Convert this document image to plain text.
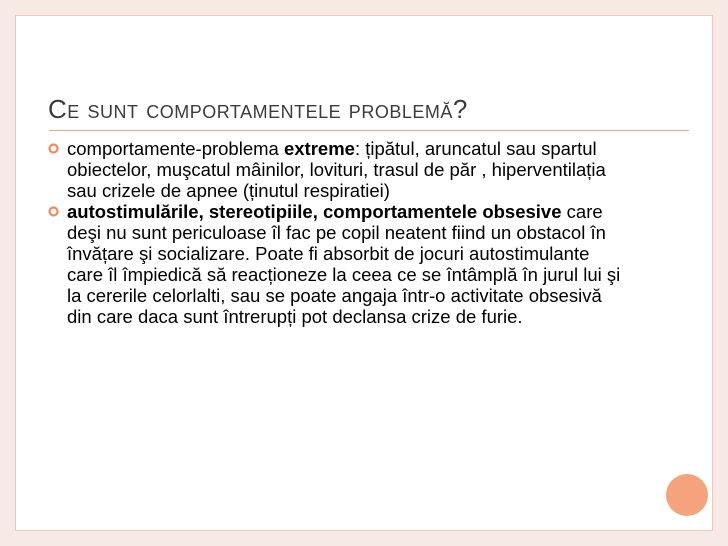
Ce sunt comportamentele problemă?
comportamente-problema extreme: țipătul, aruncatul sau spartul obiectelor, muşcatul mâinilor, lovituri, trasul de păr , hiperventilația sau crizele de apnee (ținutul respiratiei)
autostimulările, stereotipiile, comportamentele obsesive care deşi nu sunt periculoase îl fac pe copil neatent fiind un obstacol în învățare şi socializare. Poate fi absorbit de jocuri autostimulante care îl împiedică să reacționeze la ceea ce se întâmplă în jurul lui şi la cererile celorlalti, sau se poate angaja într-o activitate obsesivă din care daca sunt întrerupți pot declansa crize de furie.
